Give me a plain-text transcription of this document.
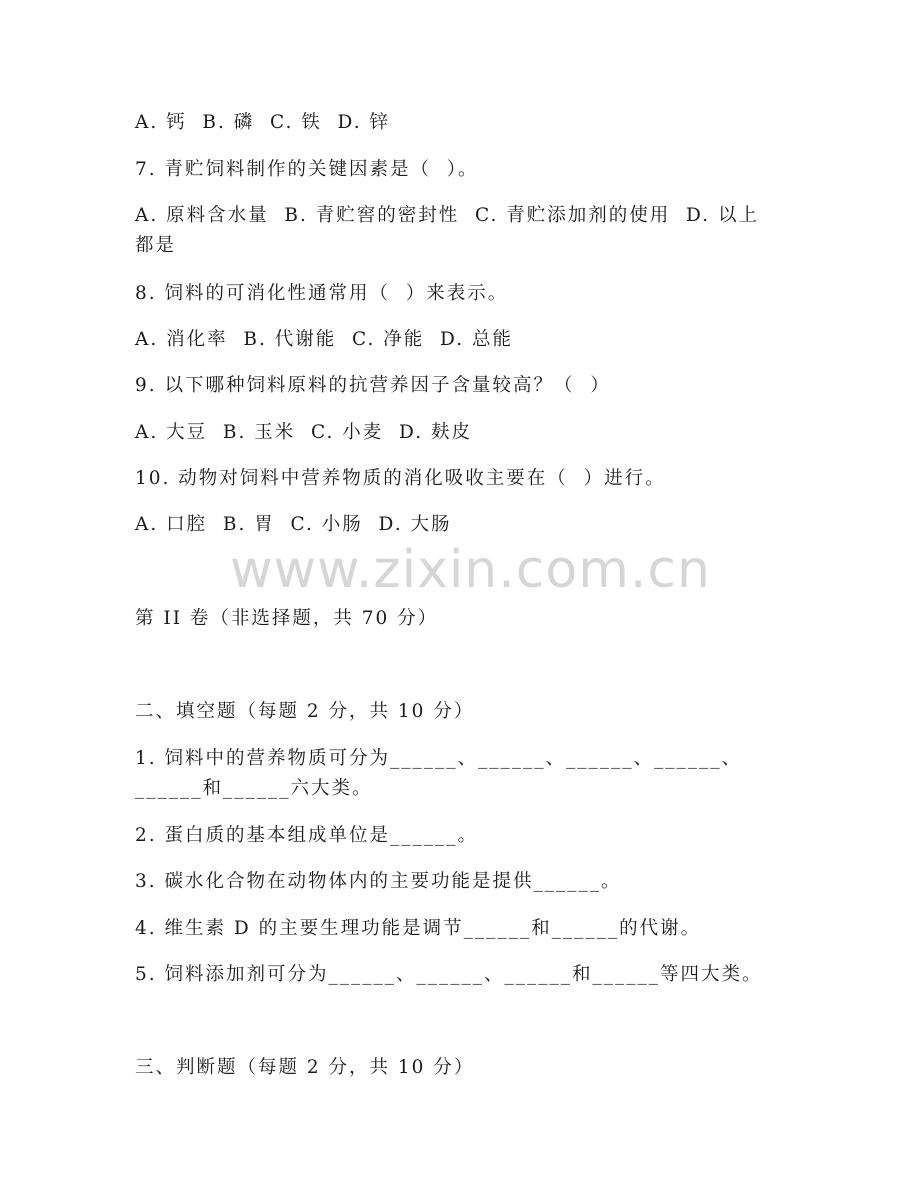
A. 钙  B. 磷  C. 铁  D. 锌
7. 青贮饲料制作的关键因素是（  ）。
A. 原料含水量  B. 青贮窖的密封性  C. 青贮添加剂的使用  D. 以上都是
8. 饲料的可消化性通常用（  ）来表示。
A. 消化率  B. 代谢能  C. 净能  D. 总能
9. 以下哪种饲料原料的抗营养因子含量较高？（  ）
A. 大豆  B. 玉米  C. 小麦  D. 麸皮
10. 动物对饲料中营养物质的消化吸收主要在（  ）进行。
A. 口腔  B. 胃  C. 小肠  D. 大肠
www.zixin.com.cn
第 II 卷（非选择题，共 70 分）
二、填空题（每题 2 分，共 10 分）
1. 饲料中的营养物质可分为______、______、______、______、______和______六大类。
2. 蛋白质的基本组成单位是______。
3. 碳水化合物在动物体内的主要功能是提供______。
4. 维生素 D 的主要生理功能是调节______和______的代谢。
5. 饲料添加剂可分为______、______、______和______等四大类。
三、判断题（每题 2 分，共 10 分）
